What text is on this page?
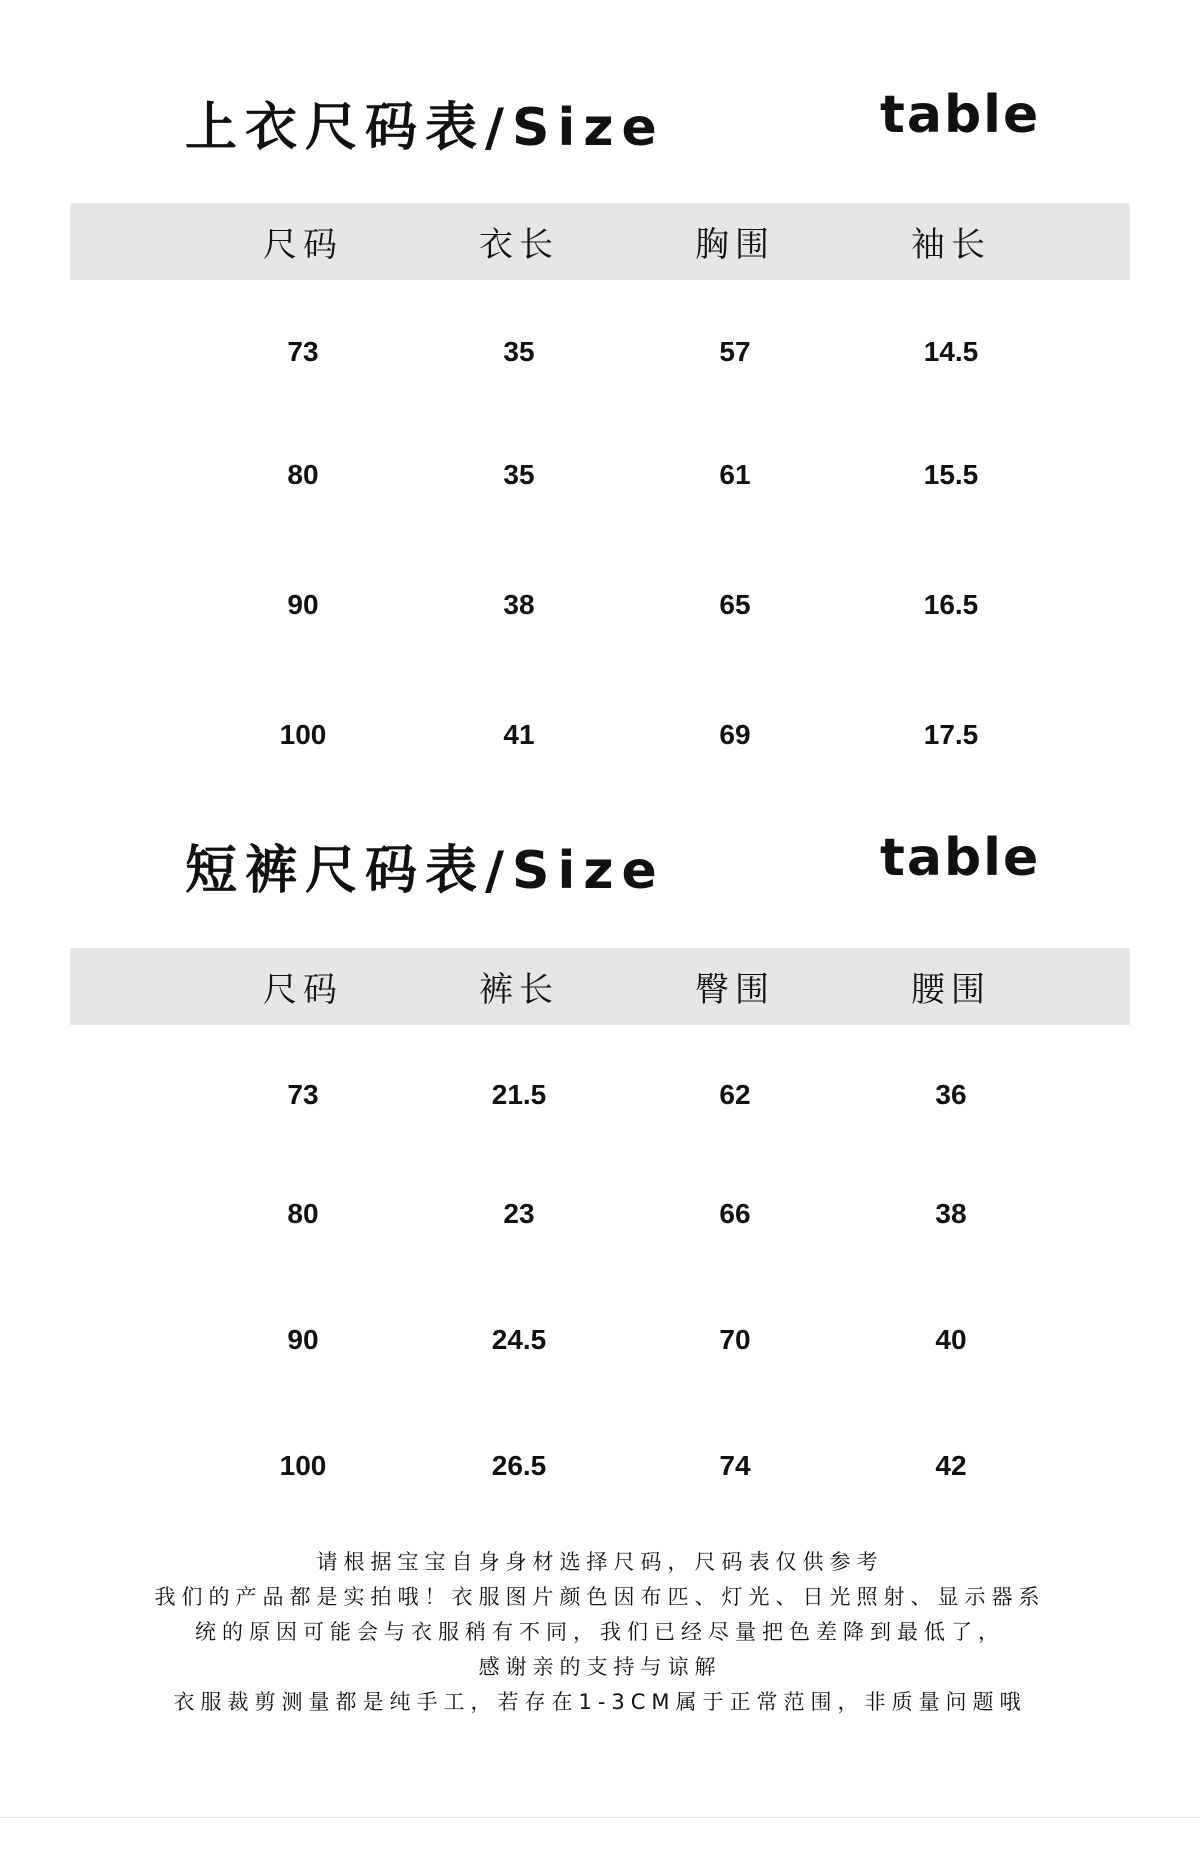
上衣尺码表/Size	table
	尺码	衣长	胸围	袖长	
	73	35	57	14.5	
	80	35	61	15.5	
	90	38	65	16.5	
	100	41	69	17.5	
短裤尺码表/Size	table
	尺码	裤长	臀围	腰围	
	73	21.5	62	36	
	80	23	66	38	
	90	24.5	70	40	
	100	26.5	74	42	
请根据宝宝自身身材选择尺码，尺码表仅供参考
我们的产品都是实拍哦！衣服图片颜色因布匹、灯光、日光照射、显示器系
统的原因可能会与衣服稍有不同，我们已经尽量把色差降到最低了，
感谢亲的支持与谅解
衣服裁剪测量都是纯手工，若存在1-3CM属于正常范围，非质量问题哦
